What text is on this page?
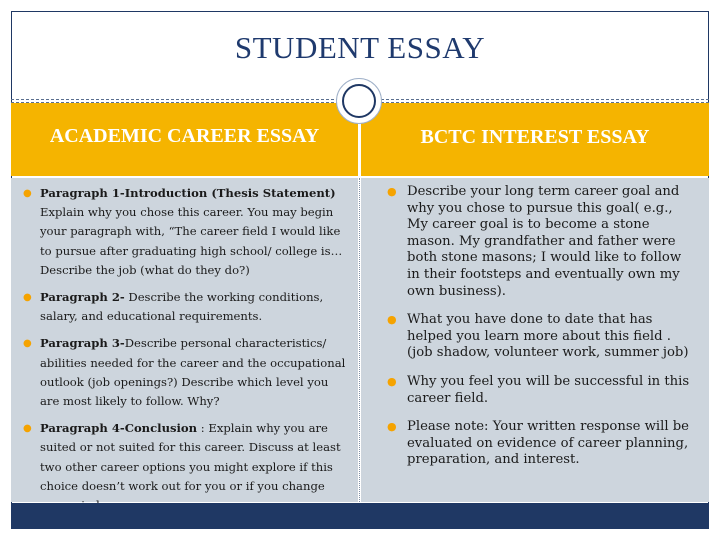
STUDENT ESSAY
ACADEMIC CAREER ESSAY	BCTC INTEREST ESSAY
● Paragraph 1-Introduction (Thesis Statement)
Explain why you chose this career. You may begin your paragraph with, “The career field I would like to pursue after graduating high school/ college is…Describe the job (what do they do?)
● Paragraph 2- Describe the working conditions, salary, and educational requirements.
● Paragraph 3-Describe personal characteristics/ abilities needed for the career and the occupational outlook (job openings?) Describe which level you are most likely to follow. Why?
● Paragraph 4-Conclusion : Explain why you are suited or not suited for this career. Discuss at least two other career options you might explore if this choice doesn’t work out for you or if you change
● Describe your long term career goal and why you chose to pursue this goal( e.g., My career goal is to become a stone mason. My grandfather and father were both stone masons; I would like to follow in their footsteps and eventually own my own business).
● What you have done to date that has helped you learn more about this field . (job shadow, volunteer work, summer job)
● Why you feel you will be successful in this career field.
● Please note: Your written response will be evaluated on evidence of career planning, preparation, and interest.
